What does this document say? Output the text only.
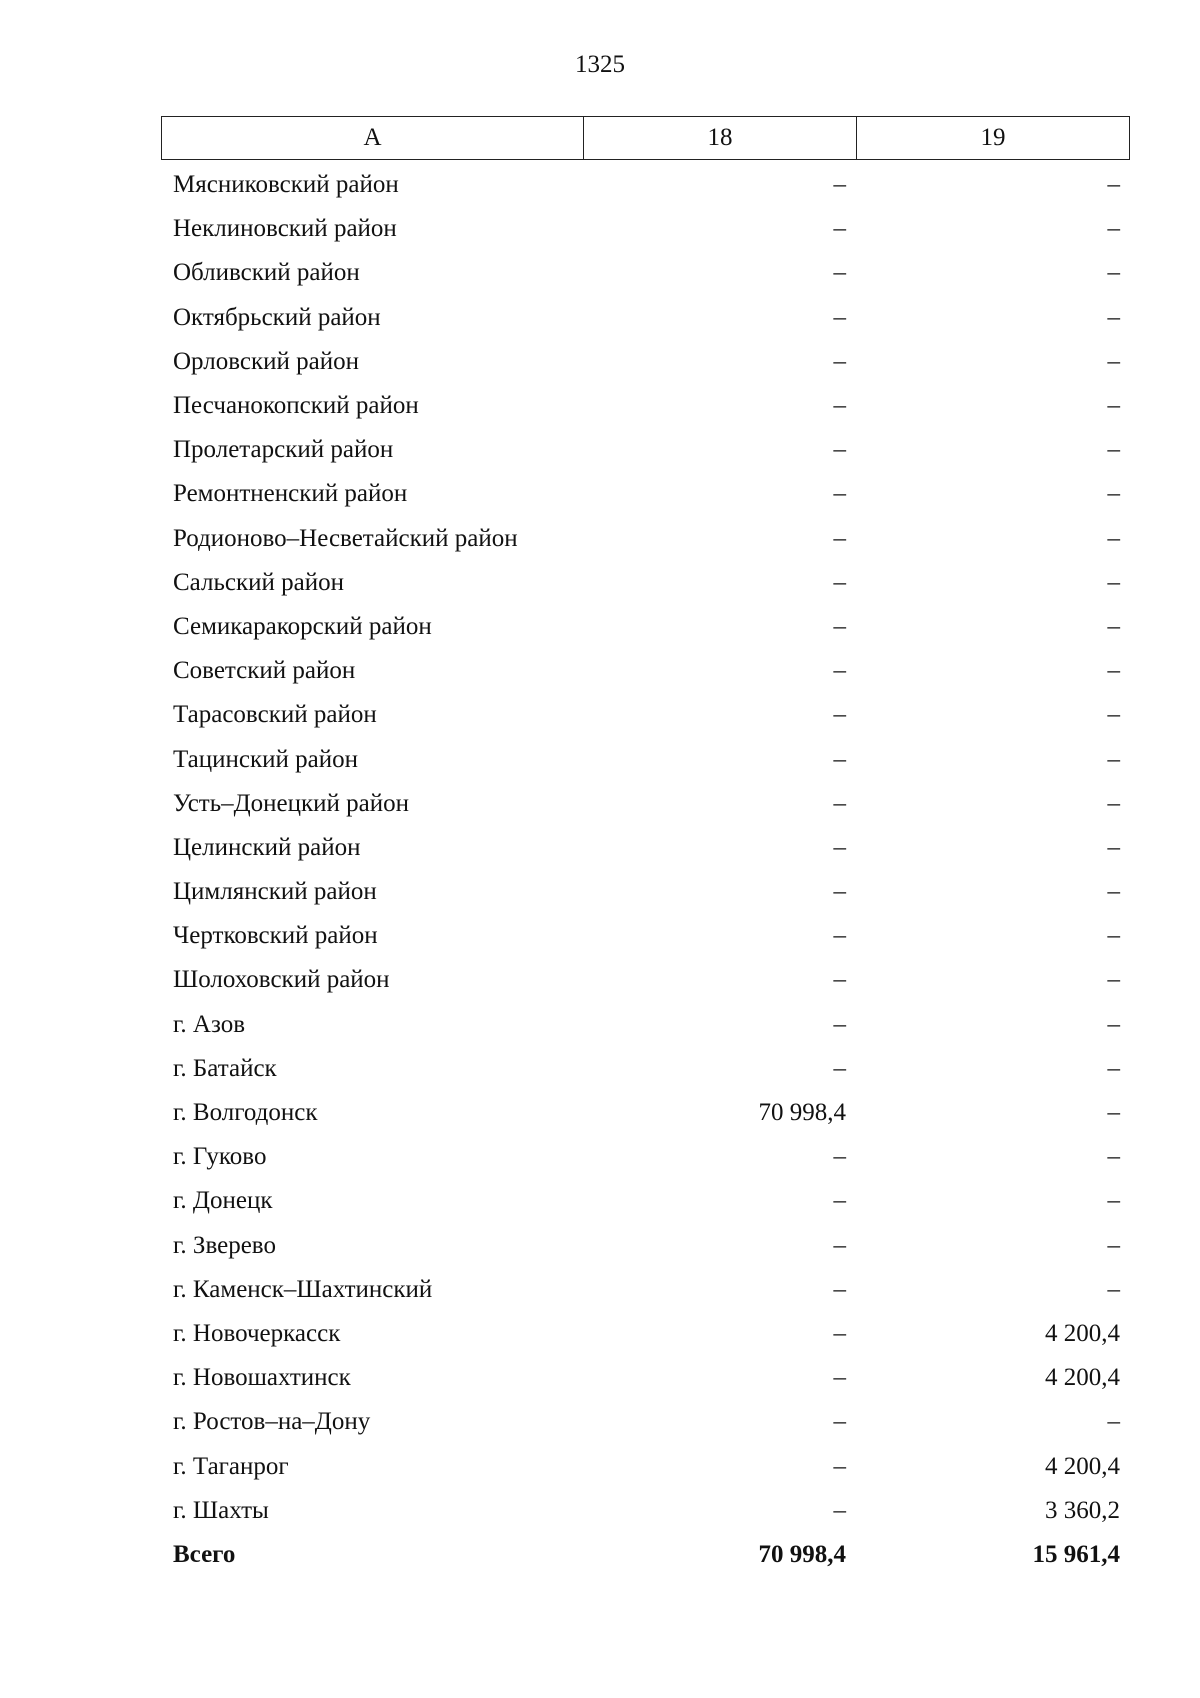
1325
А	18	19
Мясниковский район	–	–
Неклиновский район	–	–
Обливский район	–	–
Октябрьский район	–	–
Орловский район	–	–
Песчанокопский район	–	–
Пролетарский район	–	–
Ремонтненский район	–	–
Родионово–Несветайский район	–	–
Сальский район	–	–
Семикаракорский район	–	–
Советский район	–	–
Тарасовский район	–	–
Тацинский район	–	–
Усть–Донецкий район	–	–
Целинский район	–	–
Цимлянский район	–	–
Чертковский район	–	–
Шолоховский район	–	–
г. Азов	–	–
г. Батайск	–	–
г. Волгодонск	70 998,4	–
г. Гуково	–	–
г. Донецк	–	–
г. Зверево	–	–
г. Каменск–Шахтинский	–	–
г. Новочеркасск	–	4 200,4
г. Новошахтинск	–	4 200,4
г. Ростов–на–Дону	–	–
г. Таганрог	–	4 200,4
г. Шахты	–	3 360,2
Всего	70 998,4	15 961,4
